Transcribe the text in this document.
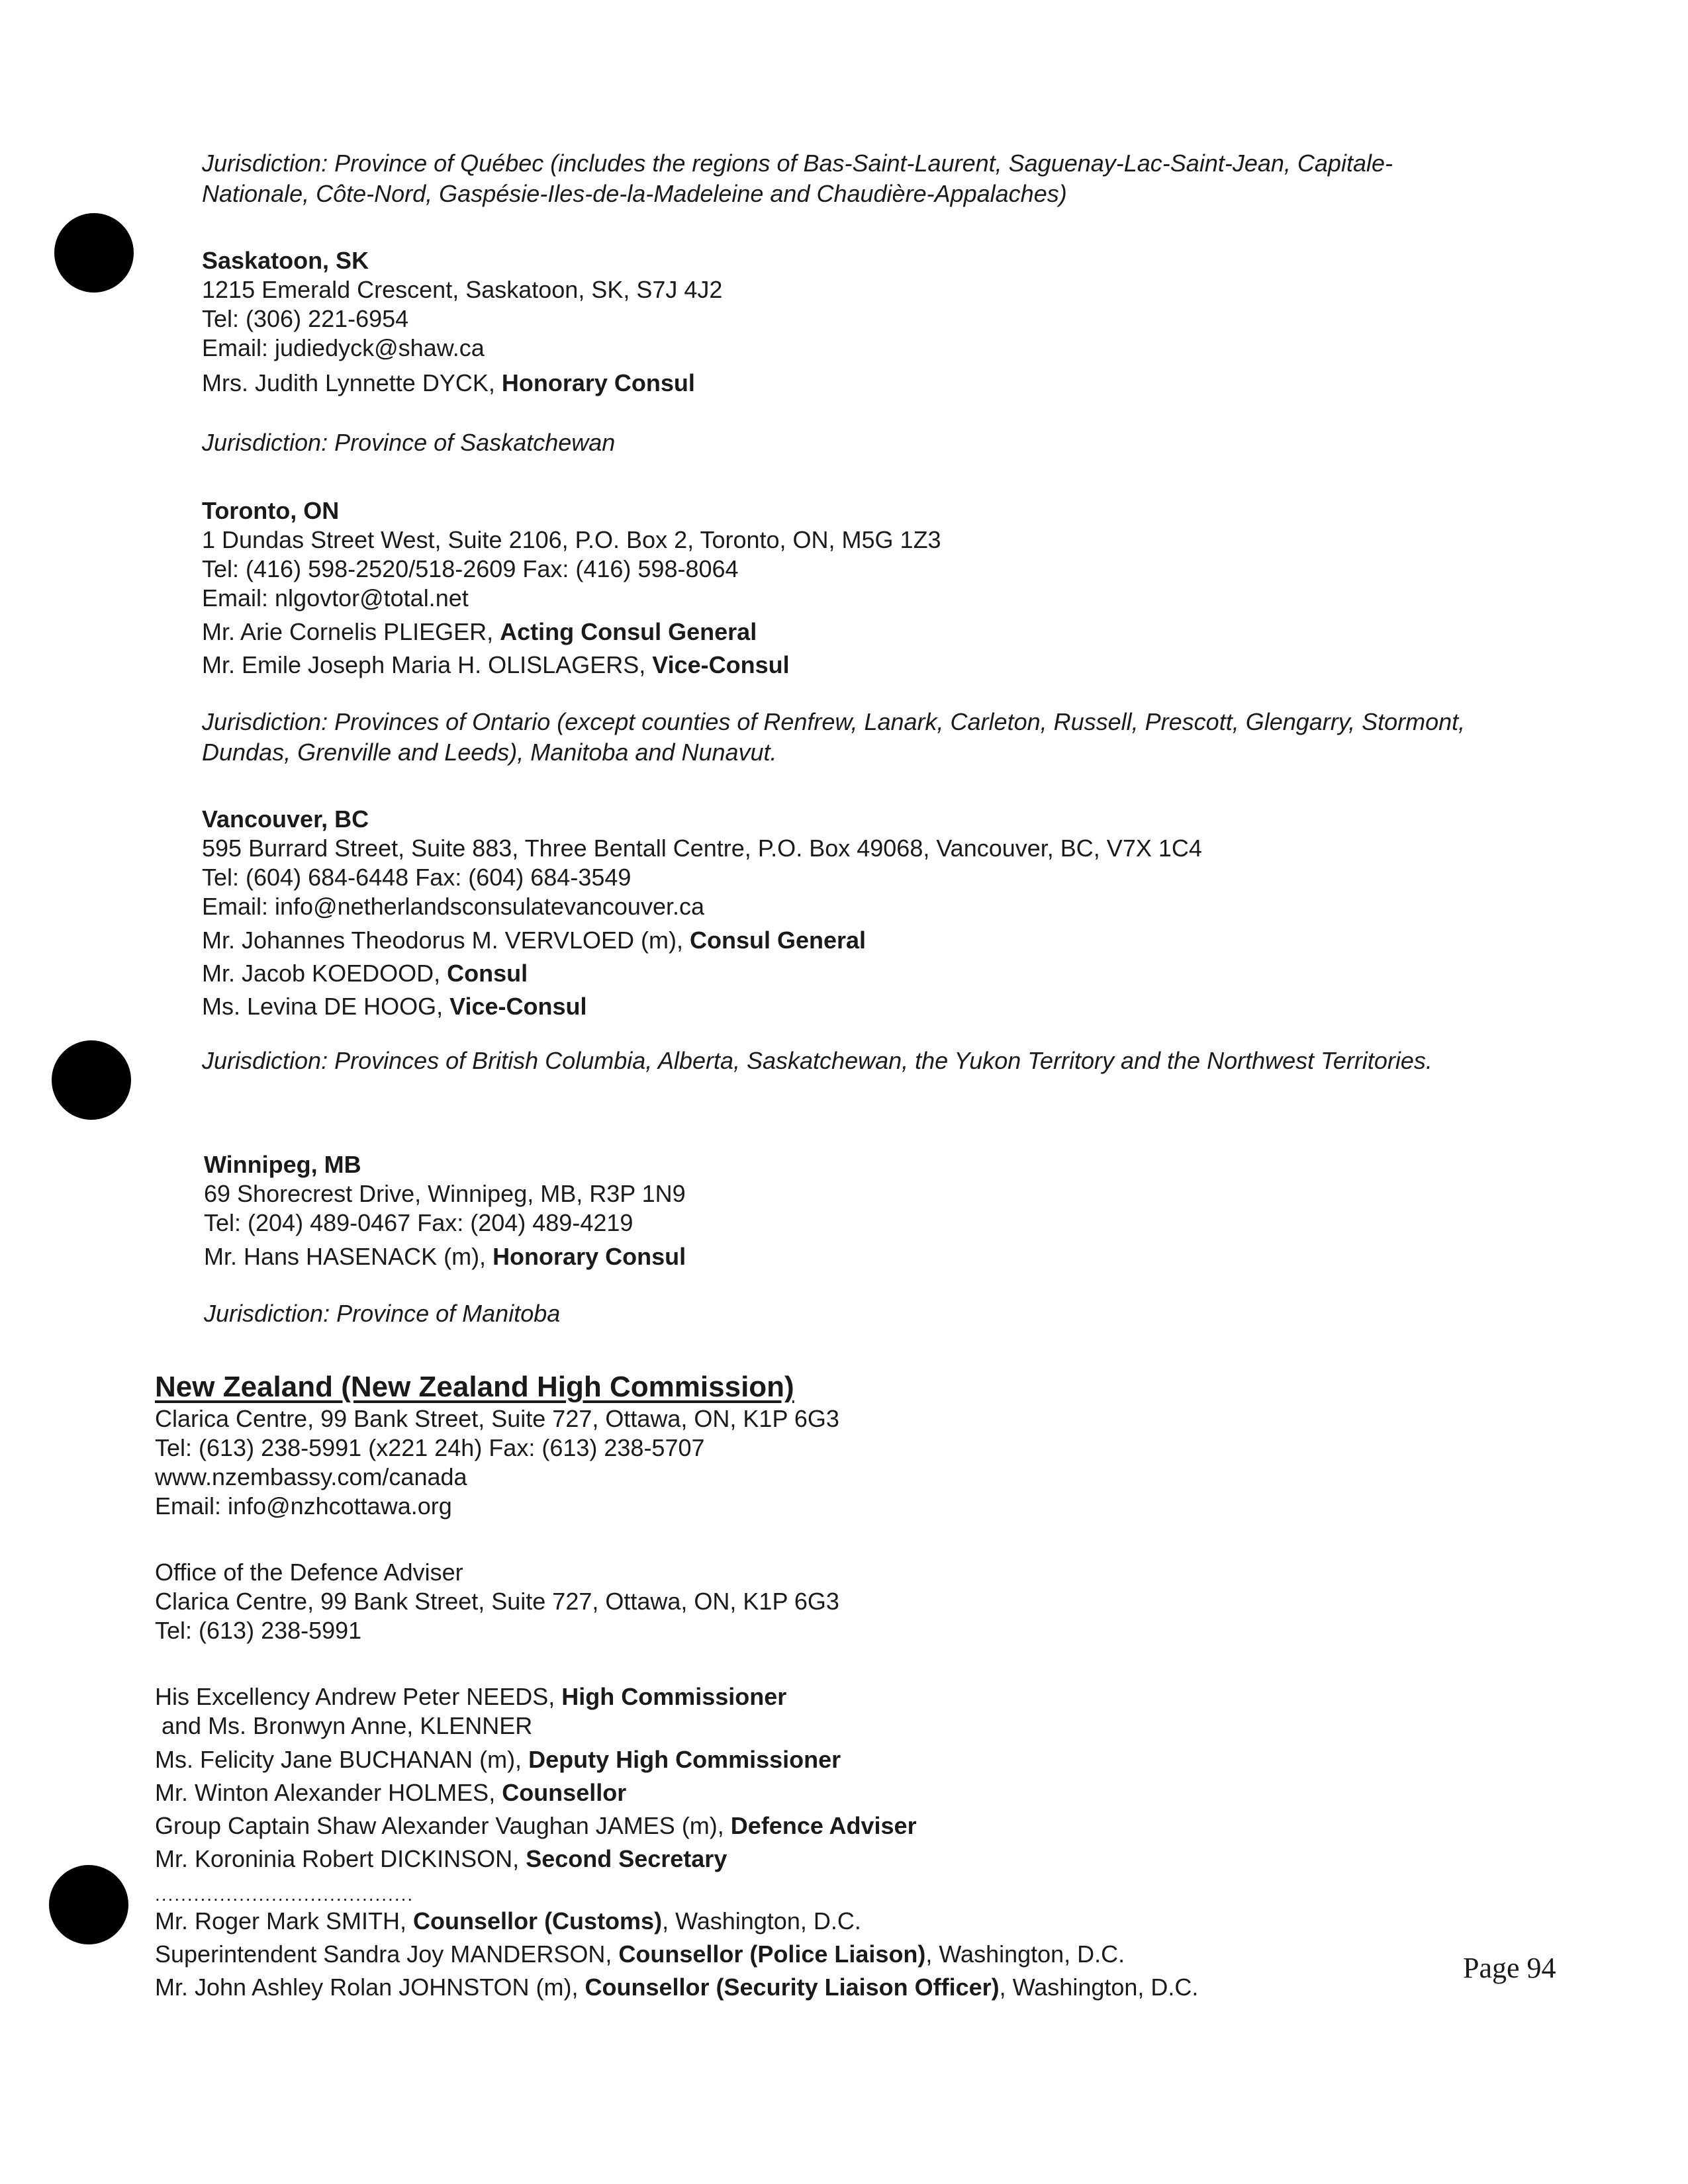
Jurisdiction: Province of Québec (includes the regions of Bas-Saint-Laurent, Saguenay-Lac-Saint-Jean, Capitale-
Nationale, Côte-Nord, Gaspésie-Iles-de-la-Madeleine and Chaudière-Appalaches)
Saskatoon, SK
1215 Emerald Crescent, Saskatoon, SK, S7J 4J2
Tel: (306) 221-6954
Email: judiedyck@shaw.ca
Mrs. Judith Lynnette DYCK, Honorary Consul
Jurisdiction: Province of Saskatchewan
Toronto, ON
1 Dundas Street West, Suite 2106, P.O. Box 2, Toronto, ON, M5G 1Z3
Tel: (416) 598-2520/518-2609 Fax: (416) 598-8064
Email: nlgovtor@total.net
Mr. Arie Cornelis PLIEGER, Acting Consul General
Mr. Emile Joseph Maria H. OLISLAGERS, Vice-Consul
Jurisdiction: Provinces of Ontario (except counties of Renfrew, Lanark, Carleton, Russell, Prescott, Glengarry, Stormont,
Dundas, Grenville and Leeds), Manitoba and Nunavut.
Vancouver, BC
595 Burrard Street, Suite 883, Three Bentall Centre, P.O. Box 49068, Vancouver, BC, V7X 1C4
Tel: (604) 684-6448 Fax: (604) 684-3549
Email: info@netherlandsconsulatevancouver.ca
Mr. Johannes Theodorus M. VERVLOED (m), Consul General
Mr. Jacob KOEDOOD, Consul
Ms. Levina DE HOOG, Vice-Consul
Jurisdiction: Provinces of British Columbia, Alberta, Saskatchewan, the Yukon Territory and the Northwest Territories.
Winnipeg, MB
69 Shorecrest Drive, Winnipeg, MB, R3P 1N9
Tel: (204) 489-0467 Fax: (204) 489-4219
Mr. Hans HASENACK (m), Honorary Consul
Jurisdiction: Province of Manitoba
New Zealand (New Zealand High Commission)
Clarica Centre, 99 Bank Street, Suite 727, Ottawa, ON, K1P 6G3
Tel: (613) 238-5991 (x221 24h) Fax: (613) 238-5707
www.nzembassy.com/canada
Email: info@nzhcottawa.org
Office of the Defence Adviser
Clarica Centre, 99 Bank Street, Suite 727, Ottawa, ON, K1P 6G3
Tel: (613) 238-5991
His Excellency Andrew Peter NEEDS, High Commissioner
and Ms. Bronwyn Anne, KLENNER
Ms. Felicity Jane BUCHANAN (m), Deputy High Commissioner
Mr. Winton Alexander HOLMES, Counsellor
Group Captain Shaw Alexander Vaughan JAMES (m), Defence Adviser
Mr. Koroninia Robert DICKINSON, Second Secretary
........................................
Mr. Roger Mark SMITH, Counsellor (Customs), Washington, D.C.
Superintendent Sandra Joy MANDERSON, Counsellor (Police Liaison), Washington, D.C.
Mr. John Ashley Rolan JOHNSTON (m), Counsellor (Security Liaison Officer), Washington, D.C.
Page 94
